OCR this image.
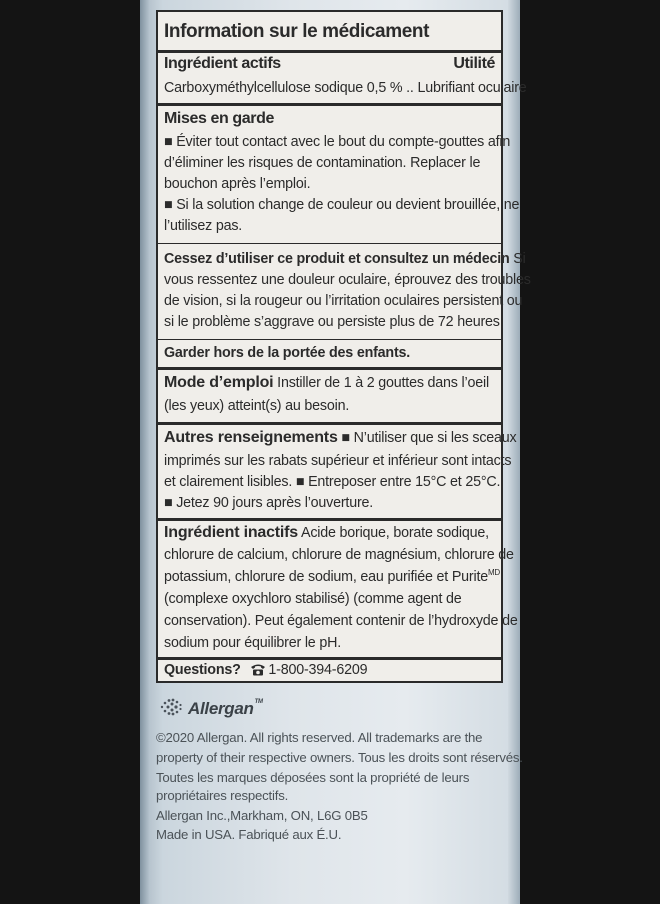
Information sur le médicament
Ingrédient actifs	Utilité
Carboxyméthylcellulose sodique 0,5 % .. Lubrifiant oculaire
Mises en garde
■ Éviter tout contact avec le bout du compte-gouttes afin
d’éliminer les risques de contamination. Replacer le
bouchon après l’emploi.
■ Si la solution change de couleur ou devient brouillée, ne
l’utilisez pas.
Cessez d’utiliser ce produit et consultez un médecin Si
vous ressentez une douleur oculaire, éprouvez des troubles
de vision, si la rougeur ou l’irritation oculaires persistent ou
si le problème s’aggrave ou persiste plus de 72 heures.
Garder hors de la portée des enfants.
Mode d’emploi Instiller de 1 à 2 gouttes dans l’oeil
(les yeux) atteint(s) au besoin.
Autres renseignements ■ N’utiliser que si les sceaux
imprimés sur les rabats supérieur et inférieur sont intacts
et clairement lisibles. ■ Entreposer entre 15°C et 25°C.
■ Jetez 90 jours après l’ouverture.
Ingrédient inactifs Acide borique, borate sodique,
chlorure de calcium, chlorure de magnésium, chlorure de
potassium, chlorure de sodium, eau purifiée et Purite$^{MD}$
(complexe oxychloro stabilisé) (comme agent de
conservation). Peut également contenir de l’hydroxyde de
sodium pour équilibrer le pH.
Questions? 1-800-394-6209
Allergan™
©2020 Allergan. All rights reserved. All trademarks are the
property of their respective owners. Tous les droits sont réservés.
Toutes les marques déposées sont la propriété de leurs
propriétaires respectifs.
Allergan Inc.,Markham, ON, L6G 0B5
Made in USA. Fabriqué aux É.U.
